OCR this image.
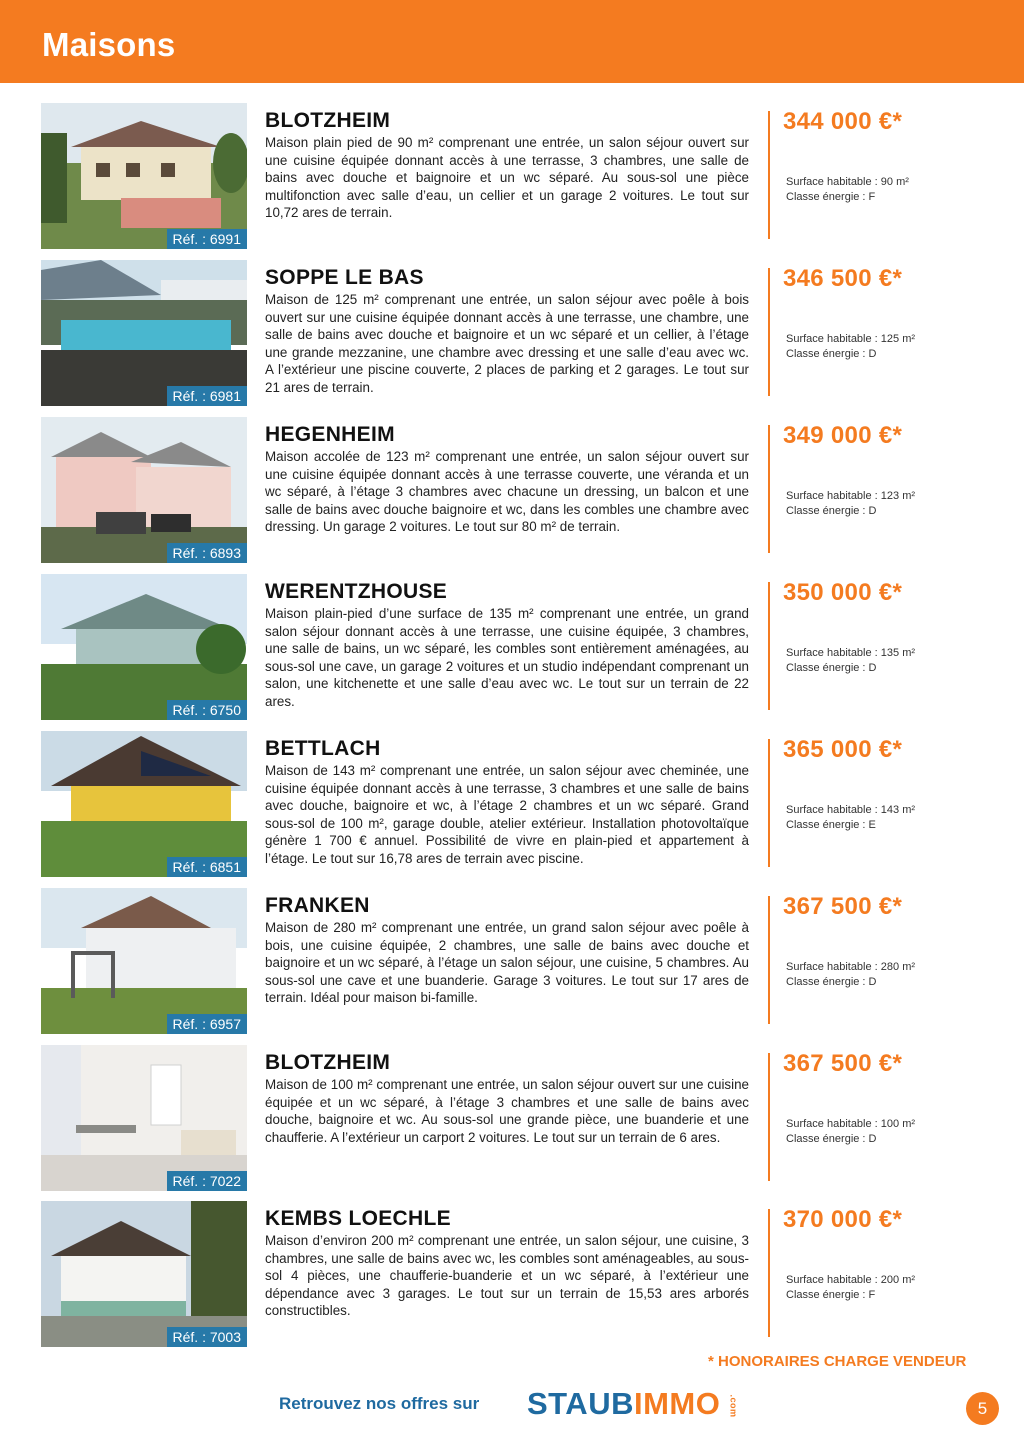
Maisons
Réf. : 6991
BLOTZHEIM
Maison plain pied de 90 m² comprenant une entrée, un salon séjour ouvert sur une cuisine équipée donnant accès à une terrasse, 3 chambres, une salle de bains avec douche et baignoire et un wc séparé. Au sous-sol une pièce multifonction avec salle d’eau, un cellier et un garage 2 voitures. Le tout sur 10,72 ares de terrain.
344 000 €*
Surface habitable : 90 m²
Classe énergie : F
Réf. : 6981
SOPPE LE BAS
Maison de 125 m² comprenant une entrée, un salon séjour avec poêle à bois ouvert sur une cuisine équipée donnant accès à une terrasse, une chambre, une salle de bains avec douche et baignoire et un wc séparé et un cellier, à l’étage une grande mezzanine, une chambre avec dressing et une salle d’eau avec wc. A l’extérieur une piscine couverte, 2 places de parking et 2 garages. Le tout sur 21 ares de terrain.
346 500 €*
Surface habitable : 125 m²
Classe énergie : D
Réf. : 6893
HEGENHEIM
Maison accolée de 123 m² comprenant une entrée, un salon séjour ouvert sur une cuisine équipée donnant accès à une terrasse couverte, une véranda et un wc séparé, à l’étage 3 chambres avec chacune un dressing, un balcon et une salle de bains avec douche baignoire et wc, dans les combles une chambre avec dressing. Un garage 2 voitures. Le tout sur 80 m² de terrain.
349 000 €*
Surface habitable : 123 m²
Classe énergie : D
Réf. : 6750
WERENTZHOUSE
Maison plain-pied d’une surface de 135 m² comprenant une entrée, un grand salon séjour donnant accès à une terrasse, une cuisine équipée, 3 chambres, une salle de bains, un wc séparé, les combles sont entièrement aménagées, au sous-sol une cave, un garage 2 voitures et un studio indépendant comprenant un salon, une kitchenette et une salle d’eau avec wc. Le tout sur un terrain de 22 ares.
350 000 €*
Surface habitable : 135 m²
Classe énergie : D
Réf. : 6851
BETTLACH
Maison de 143 m² comprenant une entrée, un salon séjour avec cheminée, une cuisine équipée donnant accès à une terrasse, 3 chambres et une salle de bains avec douche, baignoire et wc, à l’étage 2 chambres et un wc séparé. Grand sous-sol de 100 m², garage double, atelier extérieur. Installation photovoltaïque génère 1 700 € annuel. Possibilité de vivre en plain-pied et appartement à l’étage. Le tout sur 16,78 ares de terrain avec piscine.
365 000 €*
Surface habitable : 143 m²
Classe énergie : E
Réf. : 6957
FRANKEN
Maison de 280 m² comprenant une entrée, un grand salon séjour avec poêle à bois, une cuisine équipée, 2 chambres, une salle de bains avec douche et baignoire et un wc séparé, à l’étage un salon séjour, une cuisine, 5 chambres. Au sous-sol une cave et une buanderie. Garage 3 voitures. Le tout sur 17 ares de terrain. Idéal pour maison bi-famille.
367 500 €*
Surface habitable : 280 m²
Classe énergie : D
Réf. : 7022
BLOTZHEIM
Maison de 100 m² comprenant une entrée, un salon séjour ouvert sur une cuisine équipée et un wc séparé, à l’étage 3 chambres et une salle de bains avec douche, baignoire et wc. Au sous-sol une grande pièce, une buanderie et une chaufferie. A l’extérieur un carport 2 voitures. Le tout sur un terrain de 6 ares.
367 500 €*
Surface habitable : 100 m²
Classe énergie : D
Réf. : 7003
KEMBS LOECHLE
Maison d’environ 200 m² comprenant une entrée, un salon séjour, une cuisine, 3 chambres, une salle de bains avec wc, les combles sont aménageables, au sous-sol 4 pièces, une chaufferie-buanderie et un wc séparé, à l’extérieur une dépendance avec 3 garages. Le tout sur un terrain de 15,53 ares arborés constructibles.
370 000 €*
Surface habitable : 200 m²
Classe énergie : F
* HONORAIRES CHARGE VENDEUR
Retrouvez nos offres sur STAUBIMMO .com	5
